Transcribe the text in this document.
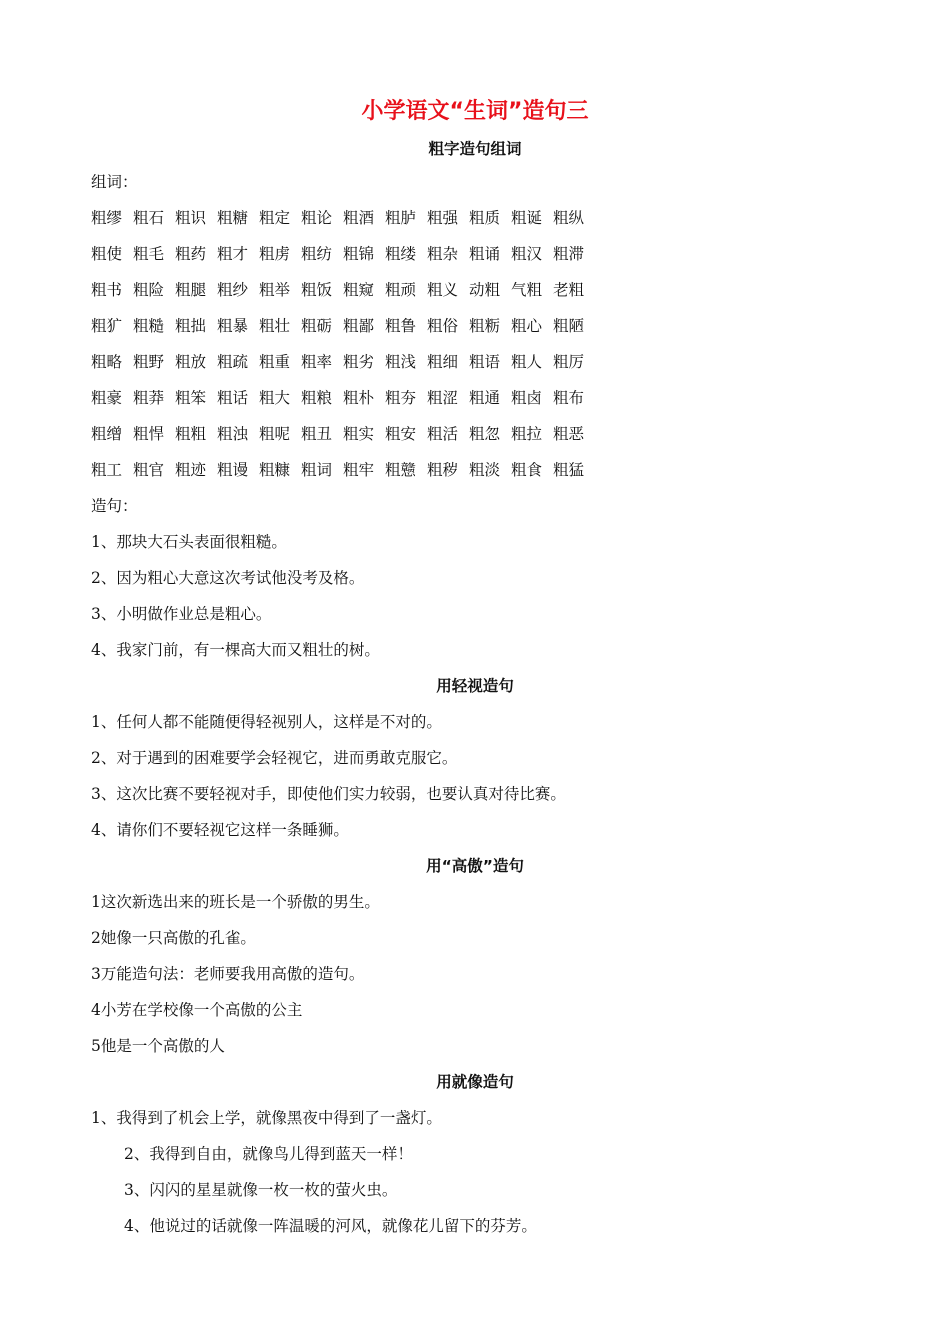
小学语文“生词”造句三
粗字造句组词
组词：
粗缪 粗石 粗识 粗糖 粗定 粗论 粗酒 粗胪 粗强 粗质 粗诞 粗纵
粗使 粗毛 粗药 粗才 粗虏 粗纺 粗锦 粗缕 粗杂 粗诵 粗汉 粗滞
粗书 粗险 粗腿 粗纱 粗举 粗饭 粗窥 粗顽 粗义 动粗 气粗 老粗
粗犷 粗糙 粗拙 粗暴 粗壮 粗砺 粗鄙 粗鲁 粗俗 粗粝 粗心 粗陋
粗略 粗野 粗放 粗疏 粗重 粗率 粗劣 粗浅 粗细 粗语 粗人 粗厉
粗豪 粗莽 粗笨 粗话 粗大 粗粮 粗朴 粗夯 粗涩 粗通 粗卤 粗布
粗缯 粗悍 粗粗 粗浊 粗呢 粗丑 粗实 粗安 粗活 粗忽 粗拉 粗恶
粗工 粗官 粗迹 粗谩 粗糠 粗词 粗牢 粗戆 粗秽 粗淡 粗食 粗猛
造句：
1、那块大石头表面很粗糙。
2、因为粗心大意这次考试他没考及格。
3、小明做作业总是粗心。
4、我家门前，有一棵高大而又粗壮的树。
用轻视造句
1、任何人都不能随便得轻视别人，这样是不对的。
2、对于遇到的困难要学会轻视它，进而勇敢克服它。
3、这次比赛不要轻视对手，即使他们实力较弱，也要认真对待比赛。
4、请你们不要轻视它这样一条睡狮。
用“高傲”造句
1这次新选出来的班长是一个骄傲的男生。
2她像一只高傲的孔雀。
3万能造句法：老师要我用高傲的造句。
4小芳在学校像一个高傲的公主
5他是一个高傲的人
用就像造句
1、我得到了机会上学，就像黑夜中得到了一盏灯。
2、我得到自由，就像鸟儿得到蓝天一样！
3、闪闪的星星就像一枚一枚的萤火虫。
4、他说过的话就像一阵温暖的河风，就像花儿留下的芬芳。
